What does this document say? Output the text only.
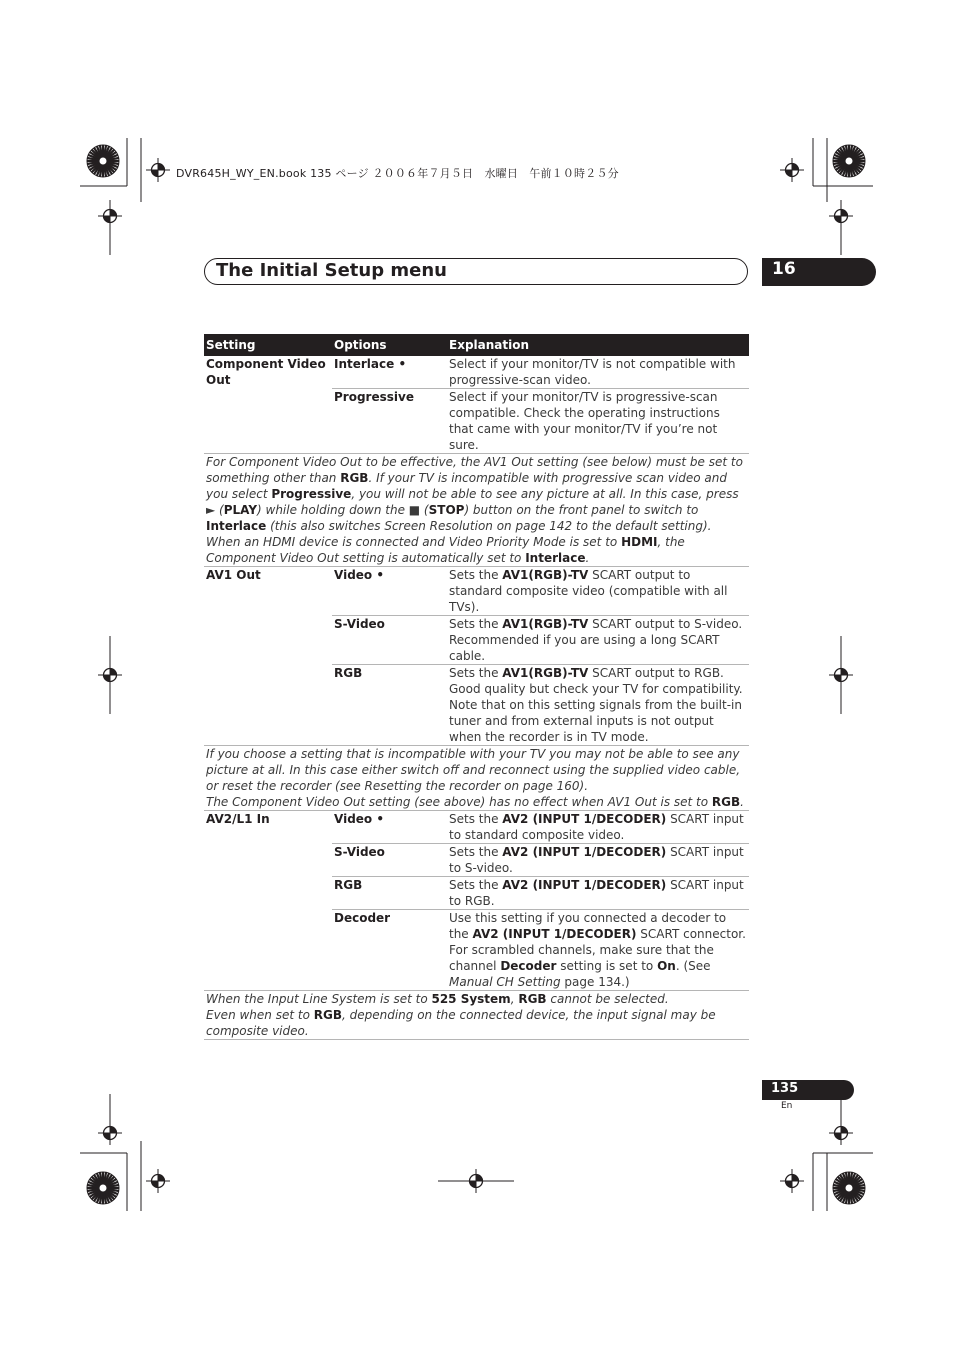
DVR645H_WY_EN.book 135 ページ ２００６年７月５日　水曜日　午前１０時２５分
The Initial Setup menu	16
Setting	Options	Explanation
Component Video Out	Interlace •	Select if your monitor/TV is not compatible with progressive-scan video.
	Progressive	Select if your monitor/TV is progressive-scan compatible. Check the operating instructions that came with your monitor/TV if you’re not sure.
For Component Video Out to be effective, the AV1 Out setting (see below) must be set to something other than RGB. If your TV is incompatible with progressive scan video and you select Progressive, you will not be able to see any picture at all. In this case, press ► (PLAY) while holding down the ■ (STOP) button on the front panel to switch to Interlace (this also switches Screen Resolution on page 142 to the default setting).
When an HDMI device is connected and Video Priority Mode is set to HDMI, the Component Video Out setting is automatically set to Interlace.		
AV1 Out	Video •	Sets the AV1(RGB)-TV SCART output to standard composite video (compatible with all TVs).
	S-Video	Sets the AV1(RGB)-TV SCART output to S-video. Recommended if you are using a long SCART cable.
	RGB	Sets the AV1(RGB)-TV SCART output to RGB. Good quality but check your TV for compatibility. Note that on this setting signals from the built-in tuner and from external inputs is not output when the recorder is in TV mode.
If you choose a setting that is incompatible with your TV you may not be able to see any picture at all. In this case either switch off and reconnect using the supplied video cable, or reset the recorder (see Resetting the recorder on page 160).
The Component Video Out setting (see above) has no effect when AV1 Out is set to RGB.		
AV2/L1 In	Video •	Sets the AV2 (INPUT 1/DECODER) SCART input to standard composite video.
	S-Video	Sets the AV2 (INPUT 1/DECODER) SCART input to S-video.
	RGB	Sets the AV2 (INPUT 1/DECODER) SCART input to RGB.
	Decoder	Use this setting if you connected a decoder to the AV2 (INPUT 1/DECODER) SCART connector. For scrambled channels, make sure that the channel Decoder setting is set to On. (See Manual CH Setting page 134.)
When the Input Line System is set to 525 System, RGB cannot be selected.
Even when set to RGB, depending on the connected device, the input signal may be composite video.		
135
En
